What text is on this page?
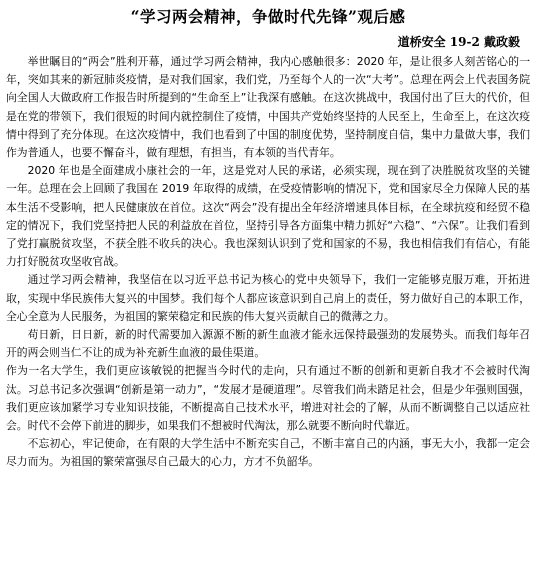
“学习两会精神，争做时代先锋”观后感
道桥安全 19-2 戴政毅

举世瞩目的“两会”胜利开幕，通过学习两会精神，我内心感触很多：2020 年，是让很多人刻苦铭心的一年，突如其来的新冠肺炎疫情，是对我们国家，我们党，乃至每个人的一次“大考”。总理在两会上代表国务院向全国人大做政府工作报告时所提到的“生命至上”让我深有感触。在这次挑战中，我国付出了巨大的代价，但是在党的带领下，我们很短的时间内就控制住了疫情，中国共产党始终坚持的人民至上，生命至上，在这次疫情中得到了充分体现。在这次疫情中，我们也看到了中国的制度优势，坚持制度自信，集中力量做大事，我们作为普通人，也要不懈奋斗，做有理想，有担当，有本领的当代青年。

2020 年也是全面建成小康社会的一年，这是党对人民的承诺，必须实现，现在到了决胜脱贫攻坚的关键一年。总理在会上回顾了我国在 2019 年取得的成绩，在受疫情影响的情况下，党和国家尽全力保障人民的基本生活不受影响，把人民健康放在首位。这次“两会”没有提出全年经济增速具体目标，在全球抗疫和经贸不稳定的情况下，我们党坚持把人民的利益放在首位，坚持引导各方面集中精力抓好“六稳”、“六保”。让我们看到了党打赢脱贫攻坚，不获全胜不收兵的决心。我也深刻认识到了党和国家的不易，我也相信我们有信心，有能力打好脱贫攻坚收官战。

通过学习两会精神，我坚信在以习近平总书记为核心的党中央领导下，我们一定能够克服万难，开拓进取，实现中华民族伟大复兴的中国梦。我们每个人都应该意识到自己肩上的责任，努力做好自己的本职工作，全心全意为人民服务，为祖国的繁荣稳定和民族的伟大复兴贡献自己的微薄之力。

苟日新，日日新，新的时代需要加入源源不断的新生血液才能永远保持最强劲的发展势头。而我们每年召开的两会则当仁不让的成为补充新生血液的最佳渠道。

作为一名大学生，我们更应该敏锐的把握当今时代的走向，只有通过不断的创新和更新自我才不会被时代淘汰。习总书记多次强调“创新是第一动力”，“发展才是硬道理”。尽管我们尚未踏足社会，但是少年强则国强，我们更应该加紧学习专业知识技能，不断提高自己技术水平，增进对社会的了解，从而不断调整自己以适应社会。时代不会停下前进的脚步，如果我们不想被时代淘汰，那么就要不断向时代靠近。

不忘初心，牢记使命，在有限的大学生活中不断充实自己，不断丰富自己的内涵，事无大小，我都一定会尽力而为。为祖国的繁荣富强尽自己最大的心力，方才不负韶华。
